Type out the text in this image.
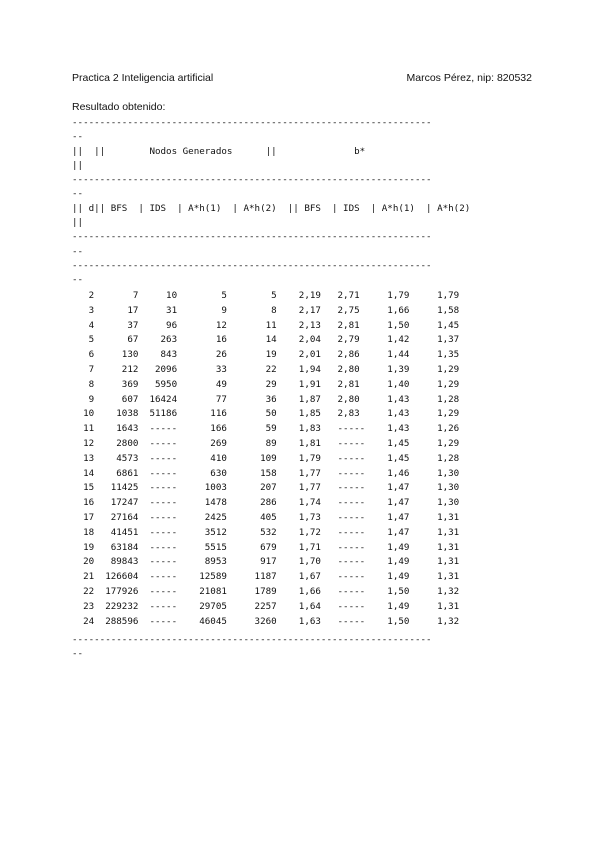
Practica 2 Inteligencia artificial	Marcos Pérez, nip: 820532
Resultado obtenido:
-----------------------------------------------------------------
--
||  ||        Nodos Generados      ||              b*
||
-----------------------------------------------------------------
--
|| d|| BFS  | IDS  | A*h(1)  | A*h(2)  || BFS  | IDS  | A*h(1)  | A*h(2)
||
-----------------------------------------------------------------
--
-----------------------------------------------------------------
--
2       7     10        5        5    2,19   2,71     1,79     1,79
3      17     31        9        8    2,17   2,75     1,66     1,58
4      37     96       12       11    2,13   2,81     1,50     1,45
5      67    263       16       14    2,04   2,79     1,42     1,37
6     130    843       26       19    2,01   2,86     1,44     1,35
7     212   2096       33       22    1,94   2,80     1,39     1,29
8     369   5950       49       29    1,91   2,81     1,40     1,29
9     607  16424       77       36    1,87   2,80     1,43     1,28
10    1038  51186      116       50    1,85   2,83     1,43     1,29
11    1643  -----      166       59    1,83   -----    1,43     1,26
12    2800  -----      269       89    1,81   -----    1,45     1,29
13    4573  -----      410      109    1,79   -----    1,45     1,28
14    6861  -----      630      158    1,77   -----    1,46     1,30
15   11425  -----     1003      207    1,77   -----    1,47     1,30
16   17247  -----     1478      286    1,74   -----    1,47     1,30
17   27164  -----     2425      405    1,73   -----    1,47     1,31
18   41451  -----     3512      532    1,72   -----    1,47     1,31
19   63184  -----     5515      679    1,71   -----    1,49     1,31
20   89843  -----     8953      917    1,70   -----    1,49     1,31
21  126604  -----    12589     1187    1,67   -----    1,49     1,31
22  177926  -----    21081     1789    1,66   -----    1,50     1,32
23  229232  -----    29705     2257    1,64   -----    1,49     1,31
24  288596  -----    46045     3260    1,63   -----    1,50     1,32
-----------------------------------------------------------------
--
